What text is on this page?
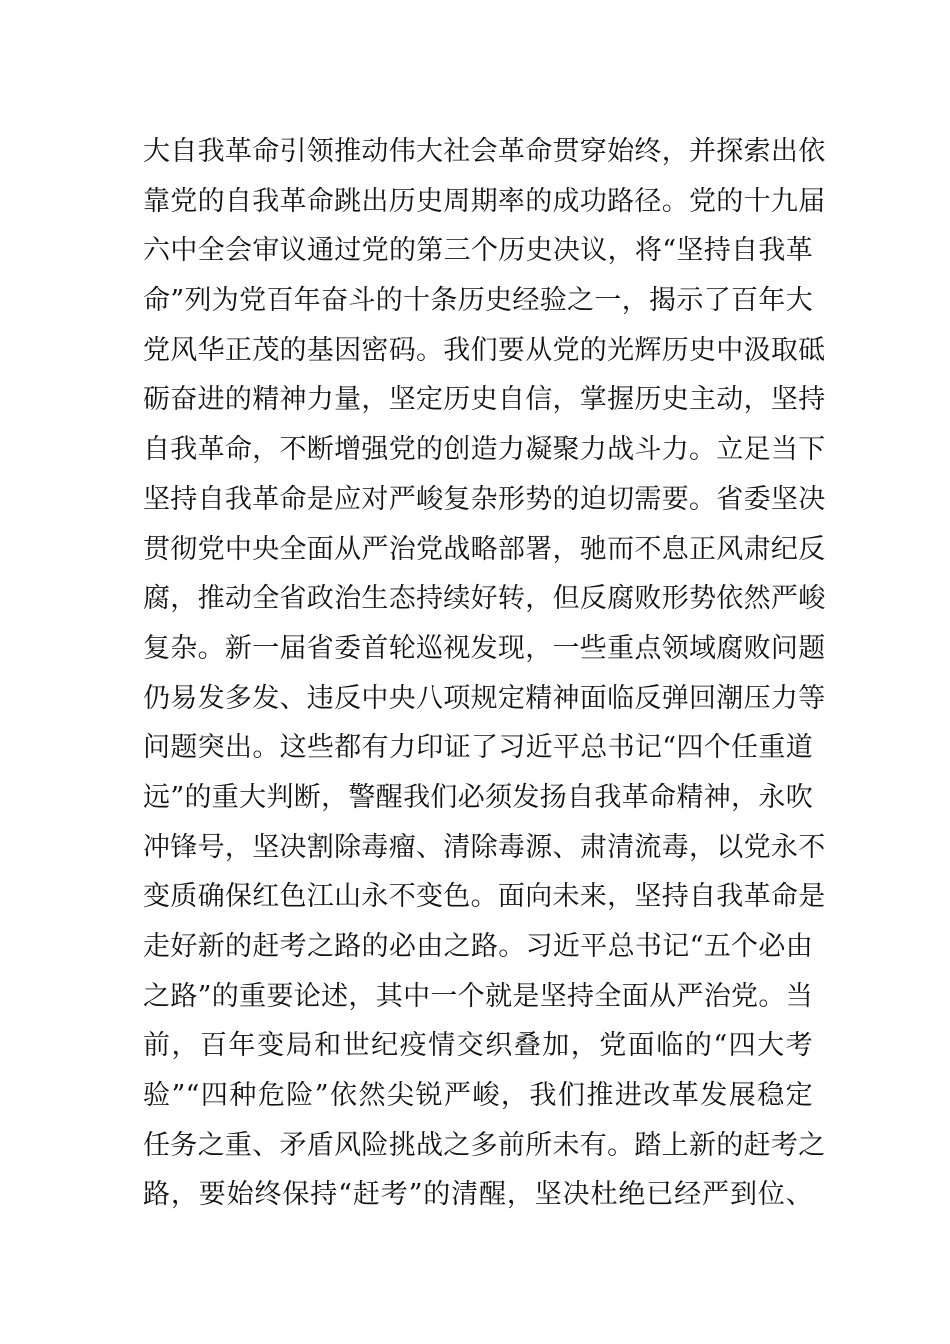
大自我革命引领推动伟大社会革命贯穿始终，并探索出依
靠党的自我革命跳出历史周期率的成功路径。党的十九届
六中全会审议通过党的第三个历史决议，将“坚持自我革
命”列为党百年奋斗的十条历史经验之一，揭示了百年大
党风华正茂的基因密码。我们要从党的光辉历史中汲取砥
砺奋进的精神力量，坚定历史自信，掌握历史主动，坚持
自我革命，不断增强党的创造力凝聚力战斗力。立足当下
坚持自我革命是应对严峻复杂形势的迫切需要。省委坚决
贯彻党中央全面从严治党战略部署，驰而不息正风肃纪反
腐，推动全省政治生态持续好转，但反腐败形势依然严峻
复杂。新一届省委首轮巡视发现，一些重点领域腐败问题
仍易发多发、违反中央八项规定精神面临反弹回潮压力等
问题突出。这些都有力印证了习近平总书记“四个任重道
远”的重大判断，警醒我们必须发扬自我革命精神，永吹
冲锋号，坚决割除毒瘤、清除毒源、肃清流毒，以党永不
变质确保红色江山永不变色。面向未来，坚持自我革命是
走好新的赶考之路的必由之路。习近平总书记“五个必由
之路”的重要论述，其中一个就是坚持全面从严治党。当
前，百年变局和世纪疫情交织叠加，党面临的“四大考
验”“四种危险”依然尖锐严峻，我们推进改革发展稳定
任务之重、矛盾风险挑战之多前所未有。踏上新的赶考之
路，要始终保持“赶考”的清醒，坚决杜绝已经严到位、
